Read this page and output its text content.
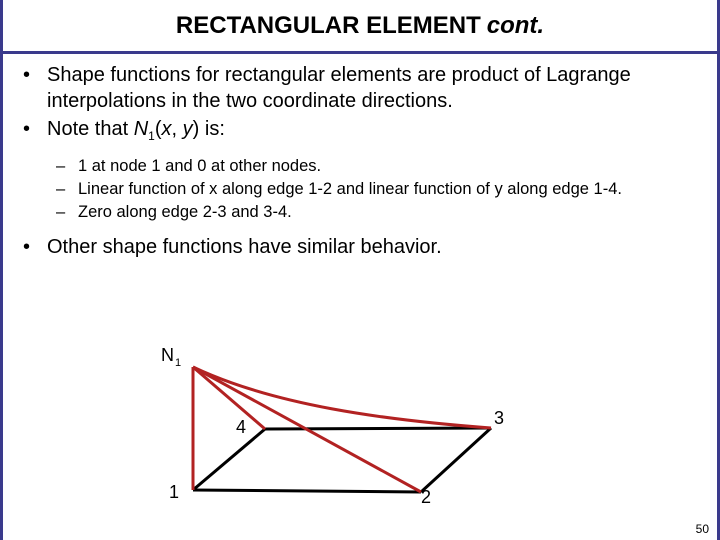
RECTANGULAR ELEMENT cont.
• Shape functions for rectangular elements are product of Lagrange interpolations in the two coordinate directions.
• Note that $N_1(x$, y) is:
– 1 at node 1 and 0 at other nodes.
– Linear function of x along edge 1-2 and linear function of y along edge 1-4.
– Zero along edge 2-3 and 3-4.
• Other shape functions have similar behavior.
N 1
1	2
3
4
50
